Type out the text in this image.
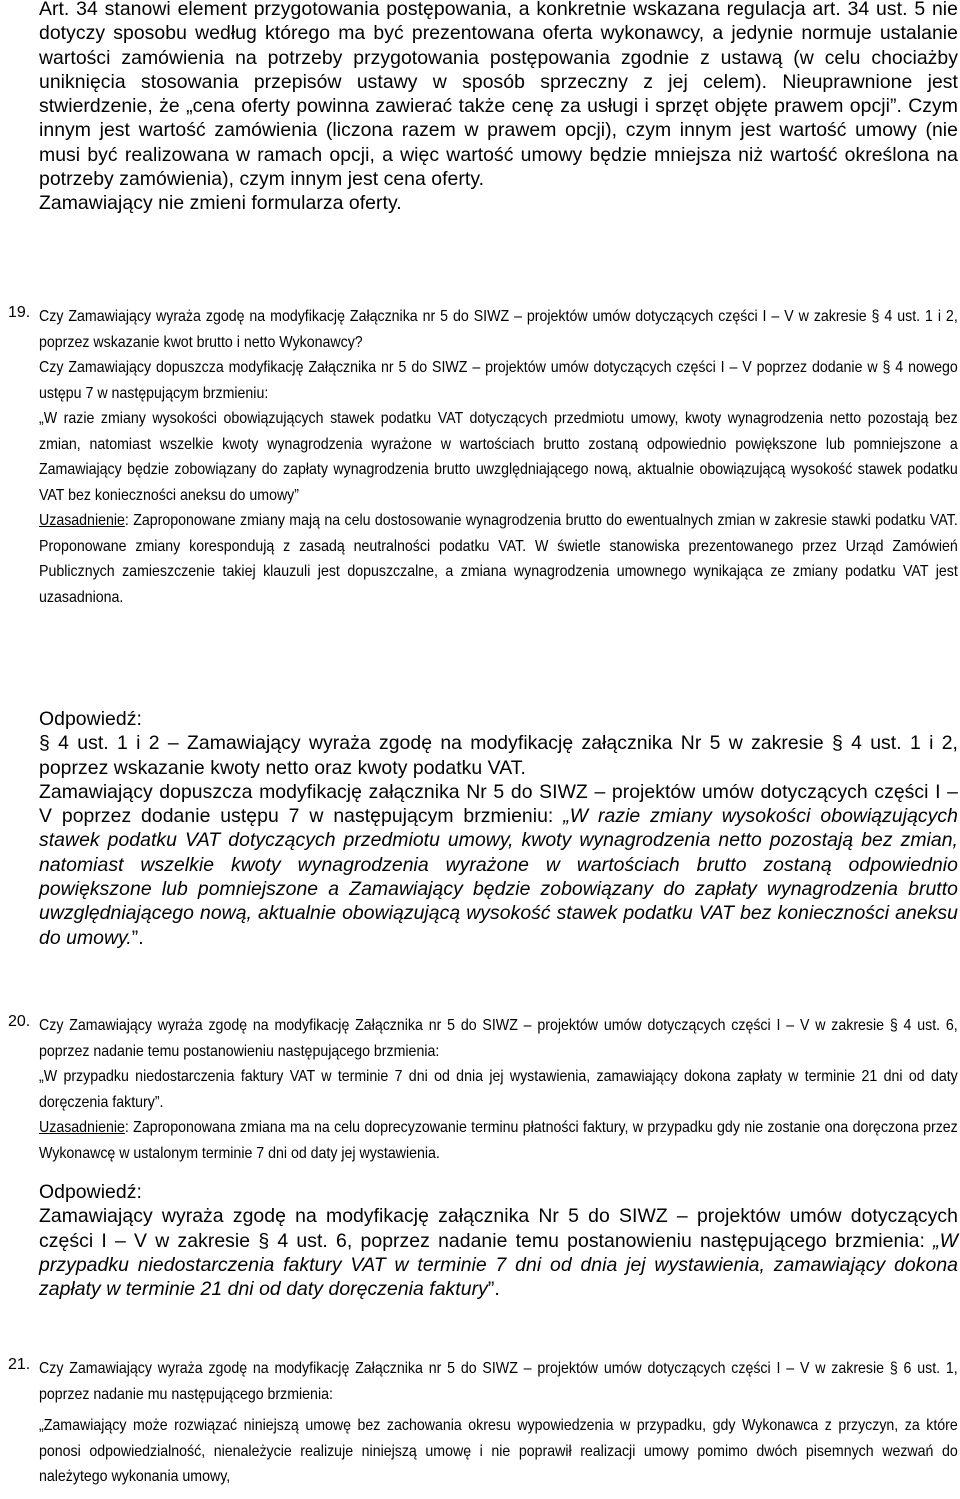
Art. 34 stanowi element przygotowania postępowania, a konkretnie wskazana regulacja art. 34 ust. 5 nie dotyczy sposobu według którego ma być prezentowana oferta wykonawcy, a jedynie normuje ustalanie wartości zamówienia na potrzeby przygotowania postępowania zgodnie z ustawą (w celu chociażby uniknięcia stosowania przepisów ustawy w sposób sprzeczny z jej celem). Nieuprawnione jest stwierdzenie, że „cena oferty powinna zawierać także cenę za usługi i sprzęt objęte prawem opcji”. Czym innym jest wartość zamówienia (liczona razem w prawem opcji), czym innym jest wartość umowy (nie musi być realizowana w ramach opcji, a więc wartość umowy będzie mniejsza niż wartość określona na potrzeby zamówienia), czym innym jest cena oferty.

Zamawiający nie zmieni formularza oferty.

19. Czy Zamawiający wyraża zgodę na modyfikację Załącznika nr 5 do SIWZ – projektów umów dotyczących części I – V w zakresie § 4 ust. 1 i 2, poprzez wskazanie kwot brutto i netto Wykonawcy?

Czy Zamawiający dopuszcza modyfikację Załącznika nr 5 do SIWZ – projektów umów dotyczących części I – V poprzez dodanie w § 4 nowego ustępu 7 w następującym brzmieniu:

„W razie zmiany wysokości obowiązujących stawek podatku VAT dotyczących przedmiotu umowy, kwoty wynagrodzenia netto pozostają bez zmian, natomiast wszelkie kwoty wynagrodzenia wyrażone w wartościach brutto zostaną odpowiednio powiększone lub pomniejszone a Zamawiający będzie zobowiązany do zapłaty wynagrodzenia brutto uwzględniającego nową, aktualnie obowiązującą wysokość stawek podatku VAT bez konieczności aneksu do umowy”

Uzasadnienie: Zaproponowane zmiany mają na celu dostosowanie wynagrodzenia brutto do ewentualnych zmian w zakresie stawki podatku VAT. Proponowane zmiany korespondują z zasadą neutralności podatku VAT. W świetle stanowiska prezentowanego przez Urząd Zamówień Publicznych zamieszczenie takiej klauzuli jest dopuszczalne, a zmiana wynagrodzenia umownego wynikająca ze zmiany podatku VAT jest uzasadniona.

Odpowiedź:

§ 4 ust. 1 i 2 – Zamawiający wyraża zgodę na modyfikację załącznika Nr 5 w zakresie § 4 ust. 1 i 2, poprzez wskazanie kwoty netto oraz kwoty podatku VAT.

Zamawiający dopuszcza modyfikację załącznika Nr 5 do SIWZ – projektów umów dotyczących części I – V poprzez dodanie ustępu 7 w następującym brzmieniu: „W razie zmiany wysokości obowiązujących stawek podatku VAT dotyczących przedmiotu umowy, kwoty wynagrodzenia netto pozostają bez zmian, natomiast wszelkie kwoty wynagrodzenia wyrażone w wartościach brutto zostaną odpowiednio powiększone lub pomniejszone a Zamawiający będzie zobowiązany do zapłaty wynagrodzenia brutto uwzględniającego nową, aktualnie obowiązującą wysokość stawek podatku VAT bez konieczności aneksu do umowy.”.

20. Czy Zamawiający wyraża zgodę na modyfikację Załącznika nr 5 do SIWZ – projektów umów dotyczących części I – V w zakresie § 4 ust. 6, poprzez nadanie temu postanowieniu następującego brzmienia:

„W przypadku niedostarczenia faktury VAT w terminie 7 dni od dnia jej wystawienia, zamawiający dokona zapłaty w terminie 21 dni od daty doręczenia faktury”.

Uzasadnienie: Zaproponowana zmiana ma na celu doprecyzowanie terminu płatności faktury, w przypadku gdy nie zostanie ona doręczona przez Wykonawcę w ustalonym terminie 7 dni od daty jej wystawienia.

Odpowiedź:

Zamawiający wyraża zgodę na modyfikację załącznika Nr 5 do SIWZ – projektów umów dotyczących części I – V w zakresie § 4 ust. 6, poprzez nadanie temu postanowieniu następującego brzmienia: „W przypadku niedostarczenia faktury VAT w terminie 7 dni od dnia jej wystawienia, zamawiający dokona zapłaty w terminie 21 dni od daty doręczenia faktury”.

21. Czy Zamawiający wyraża zgodę na modyfikację Załącznika nr 5 do SIWZ – projektów umów dotyczących części I – V w zakresie § 6 ust. 1, poprzez nadanie mu następującego brzmienia:

„Zamawiający może rozwiązać niniejszą umowę bez zachowania okresu wypowiedzenia w przypadku, gdy Wykonawca z przyczyn, za które ponosi odpowiedzialność, nienależycie realizuje niniejszą umowę i nie poprawił realizacji umowy pomimo dwóch pisemnych wezwań do należytego wykonania umowy,
